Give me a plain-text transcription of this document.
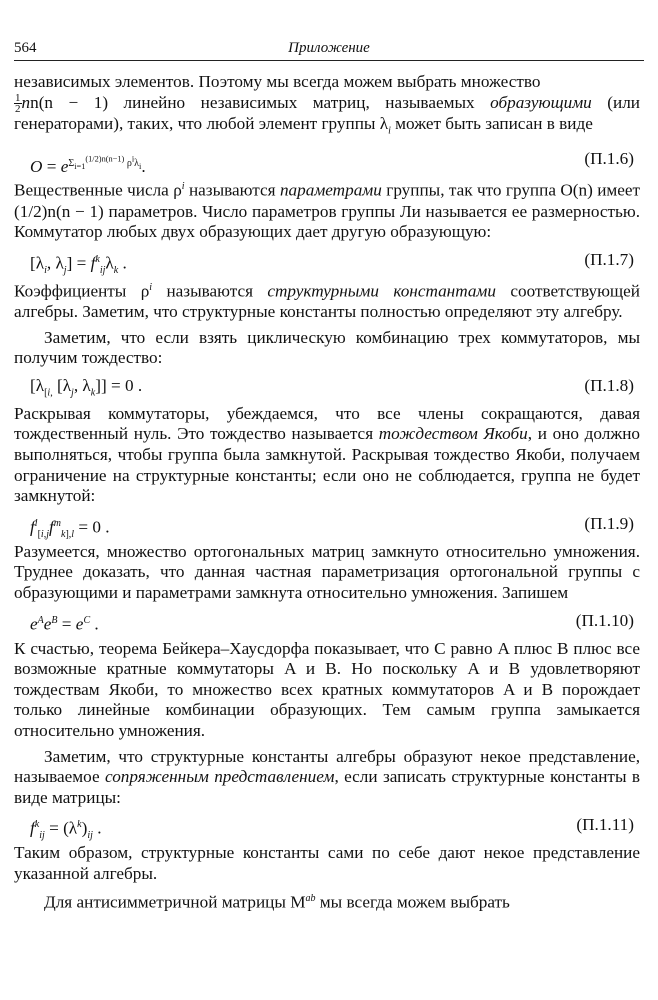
564	Приложение

независимых элементов. Поэтому мы всегда можем выбрать множество

$\frac{1}{2} nn(n - 1)$ линейно независимых матриц, называемых образующими (или генераторами), таких, что любой элемент группы $\lambda_i$ может быть записан в виде

$O = e^{\Sigma_{i=1}^{(1/2)n(n-1)} \rho^i\lambda_i}$.	(П.1.6)

Вещественные числа $\rho^i$ называются параметрами группы, так что группа O(n) имеет (1/2)n(n − 1) параметров. Число параметров группы Ли называется ее размерностью. Коммутатор любых двух образующих дает другую образующую:

[$\lambda_i$, $\lambda_j] = f^k_{ij}\lambda_k$ .	(П.1.7)

Коэффициенты $\rho^i$ называются структурными константами соответствующей алгебры. Заметим, что структурные константы полностью определяют эту алгебру.

Заметим, что если взять циклическую комбинацию трех коммутаторов, мы получим тождество:

[$\lambda_{[i,}$ [$\lambda_j$, $\lambda_k]] = 0$ .	(П.1.8)

Раскрывая коммутаторы, убеждаемся, что все члены сокращаются, давая тождественный нуль. Это тождество называется тождеством Якоби, и оно должно выполняться, чтобы группа была замкнутой. Раскрывая тождество Якоби, получаем ограничение на структурные константы; если оно не соблюдается, группа не будет замкнутой:

$f^l_{[i,j}f^m_{k],l} = 0$ .	(П.1.9)

Разумеется, множество ортогональных матриц замкнуто относительно умножения. Труднее доказать, что данная частная параметризация ортогональной группы с образующими и параметрами замкнута относительно умножения. Запишем

$e^Ae^B = e^C$ .	(П.1.10)

К счастью, теорема Бейкера–Хаусдорфа показывает, что C равно A плюс B плюс все возможные кратные коммутаторы A и B. Но поскольку A и B удовлетворяют тождествам Якоби, то множество всех кратных коммутаторов A и B порождает только линейные комбинации образующих. Тем самым группа замыкается относительно умножения.

Заметим, что структурные константы алгебры образуют некое представление, называемое сопряженным представлением, если записать структурные константы в виде матрицы:

$f^k_{ij} = (\lambda^k)_{ij}$ .	(П.1.11)

Таким образом, структурные константы сами по себе дают некое представление указанной алгебры.

Для антисимметричной матрицы $M^{ab}$ мы всегда можем выбрать
